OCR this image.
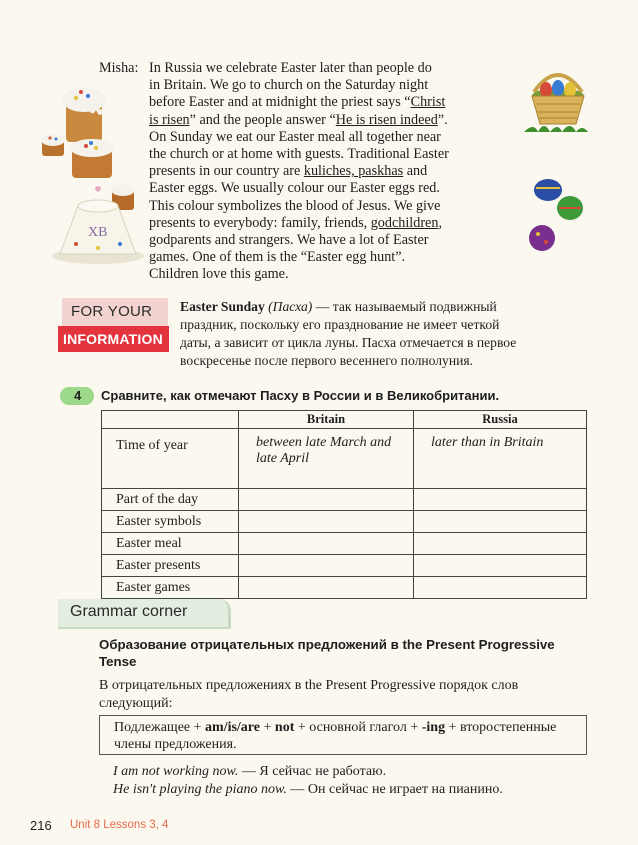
ХВ
Misha: In Russia we celebrate Easter later than people do
in Britain. We go to church on the Saturday night
before Easter and at midnight the priest says “Christ
is risen” and the people answer “He is risen indeed”.
On Sunday we eat our Easter meal all together near
the church or at home with guests. Traditional Easter
presents in our country are kuliches, paskhas and
Easter eggs. We usually colour our Easter eggs red.
This colour symbolizes the blood of Jesus. We give
presents to everybody: family, friends, godchildren,
godparents and strangers. We have a lot of Easter
games. One of them is the “Easter egg hunt”.
Children love this game.
FOR YOUR
INFORMATION
Easter Sunday (Пасха) — так называемый подвижный
праздник, поскольку его празднование не имеет четкой
даты, а зависит от цикла луны. Пасха отмечается в первое
воскресенье после первого весеннего полнолуния.
4 Сравните, как отмечают Пасху в России и в Великобритании.
	Britain	Russia
Time of year	between late March and late April	later than in Britain
Part of the day		
Easter symbols		
Easter meal		
Easter presents		
Easter games		
Grammar corner
Образование отрицательных предложений в the Present Progressive Tense
В отрицательных предложениях в the Present Progressive порядок слов следующий:
Подлежащее + am/is/are + not + основной глагол + -ing + второстепенные члены предложения.
I am not working now. — Я сейчас не работаю.
He isn't playing the piano now. — Он сейчас не играет на пианино.
216 Unit 8 Lessons 3, 4
